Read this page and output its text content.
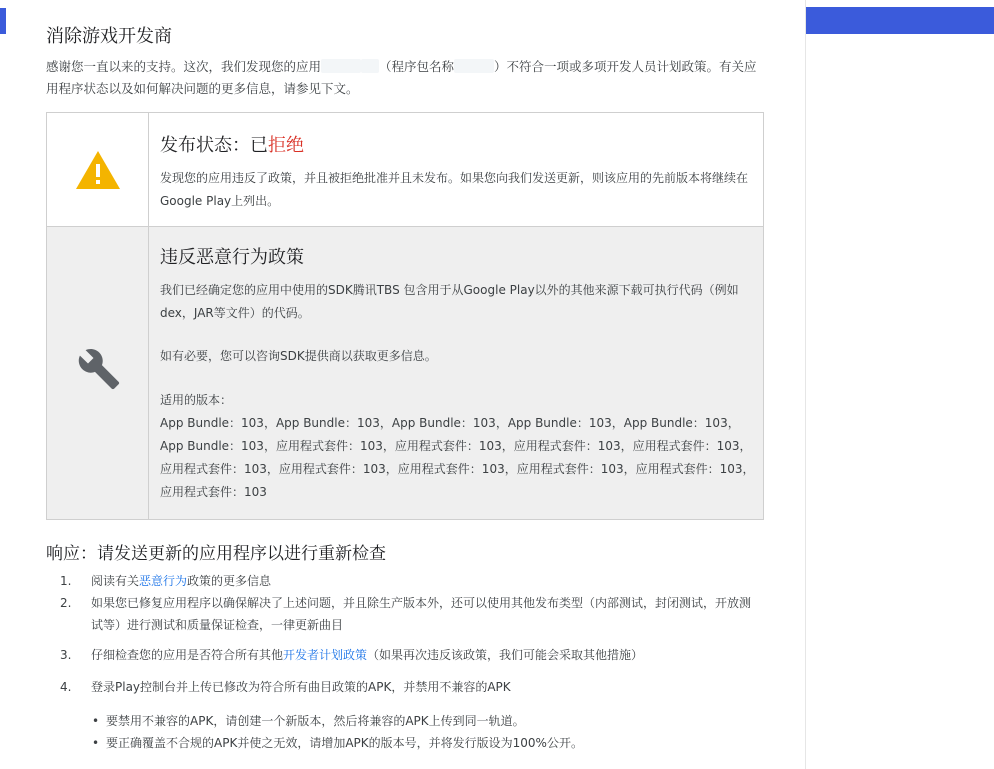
消除游戏开发商
感谢您一直以来的支持。这次，我们发现您的应用	（程序包名称	）不符合一项或多项开发人员计划政策。有关应用程序状态以及如何解决问题的更多信息，请参见下文。
发布状态：已拒绝
发现您的应用违反了政策，并且被拒绝批准并且未发布。如果您向我们发送更新，则该应用的先前版本将继续在Google Play上列出。
违反恶意行为政策
我们已经确定您的应用中使用的SDK腾讯TBS 包含用于从Google Play以外的其他来源下载可执行代码（例如dex，JAR等文件）的代码。
如有必要，您可以咨询SDK提供商以获取更多信息。
适用的版本：
App Bundle：103，App Bundle：103，App Bundle：103，App Bundle：103，App Bundle：103，App Bundle：103，应用程式套件：103，应用程式套件：103，应用程式套件：103，应用程式套件：103，应用程式套件：103，应用程式套件：103，应用程式套件：103，应用程式套件：103，应用程式套件：103，应用程式套件：103
响应：请发送更新的应用程序以进行重新检查
1. 阅读有关恶意行为政策的更多信息
2. 如果您已修复应用程序以确保解决了上述问题，并且除生产版本外，还可以使用其他发布类型（内部测试，封闭测试，开放测试等）进行测试和质量保证检查，一律更新曲目
3. 仔细检查您的应用是否符合所有其他开发者计划政策（如果再次违反该政策，我们可能会采取其他措施）
4. 登录Play控制台并上传已修改为符合所有曲目政策的APK，并禁用不兼容的APK
• 要禁用不兼容的APK，请创建一个新版本，然后将兼容的APK上传到同一轨道。
• 要正确覆盖不合规的APK并使之无效，请增加APK的版本号，并将发行版设为100%公开。
